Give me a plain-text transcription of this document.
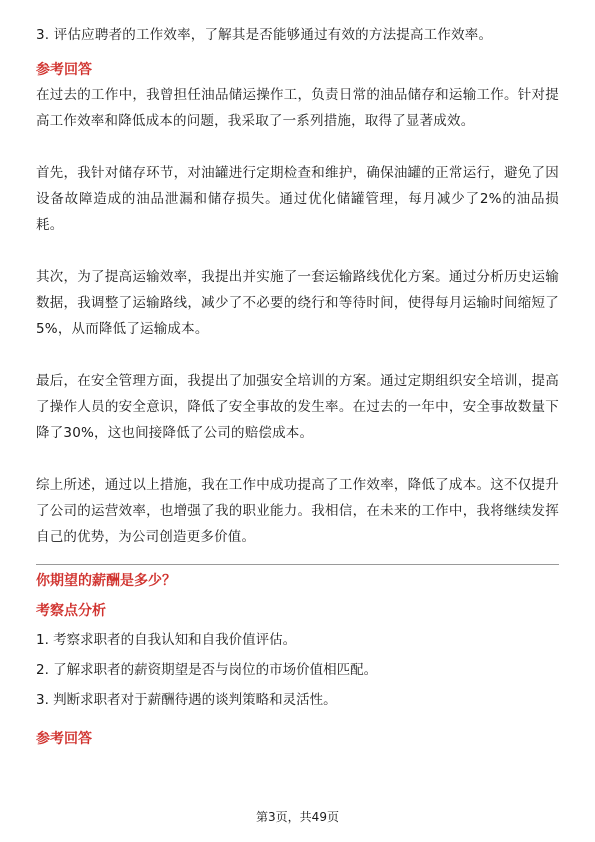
3. 评估应聘者的工作效率，了解其是否能够通过有效的方法提高工作效率。

参考回答

在过去的工作中，我曾担任油品储运操作工，负责日常的油品储存和运输工作。针对提高工作效率和降低成本的问题，我采取了一系列措施，取得了显著成效。

首先，我针对储存环节，对油罐进行定期检查和维护，确保油罐的正常运行，避免了因设备故障造成的油品泄漏和储存损失。通过优化储罐管理，每月减少了2%的油品损耗。

其次，为了提高运输效率，我提出并实施了一套运输路线优化方案。通过分析历史运输数据，我调整了运输路线，减少了不必要的绕行和等待时间，使得每月运输时间缩短了5%，从而降低了运输成本。

最后，在安全管理方面，我提出了加强安全培训的方案。通过定期组织安全培训，提高了操作人员的安全意识，降低了安全事故的发生率。在过去的一年中，安全事故数量下降了30%，这也间接降低了公司的赔偿成本。

综上所述，通过以上措施，我在工作中成功提高了工作效率，降低了成本。这不仅提升了公司的运营效率，也增强了我的职业能力。我相信，在未来的工作中，我将继续发挥自己的优势，为公司创造更多价值。

你期望的薪酬是多少？

考察点分析

1. 考察求职者的自我认知和自我价值评估。

2. 了解求职者的薪资期望是否与岗位的市场价值相匹配。

3. 判断求职者对于薪酬待遇的谈判策略和灵活性。

参考回答

第3页，共49页
